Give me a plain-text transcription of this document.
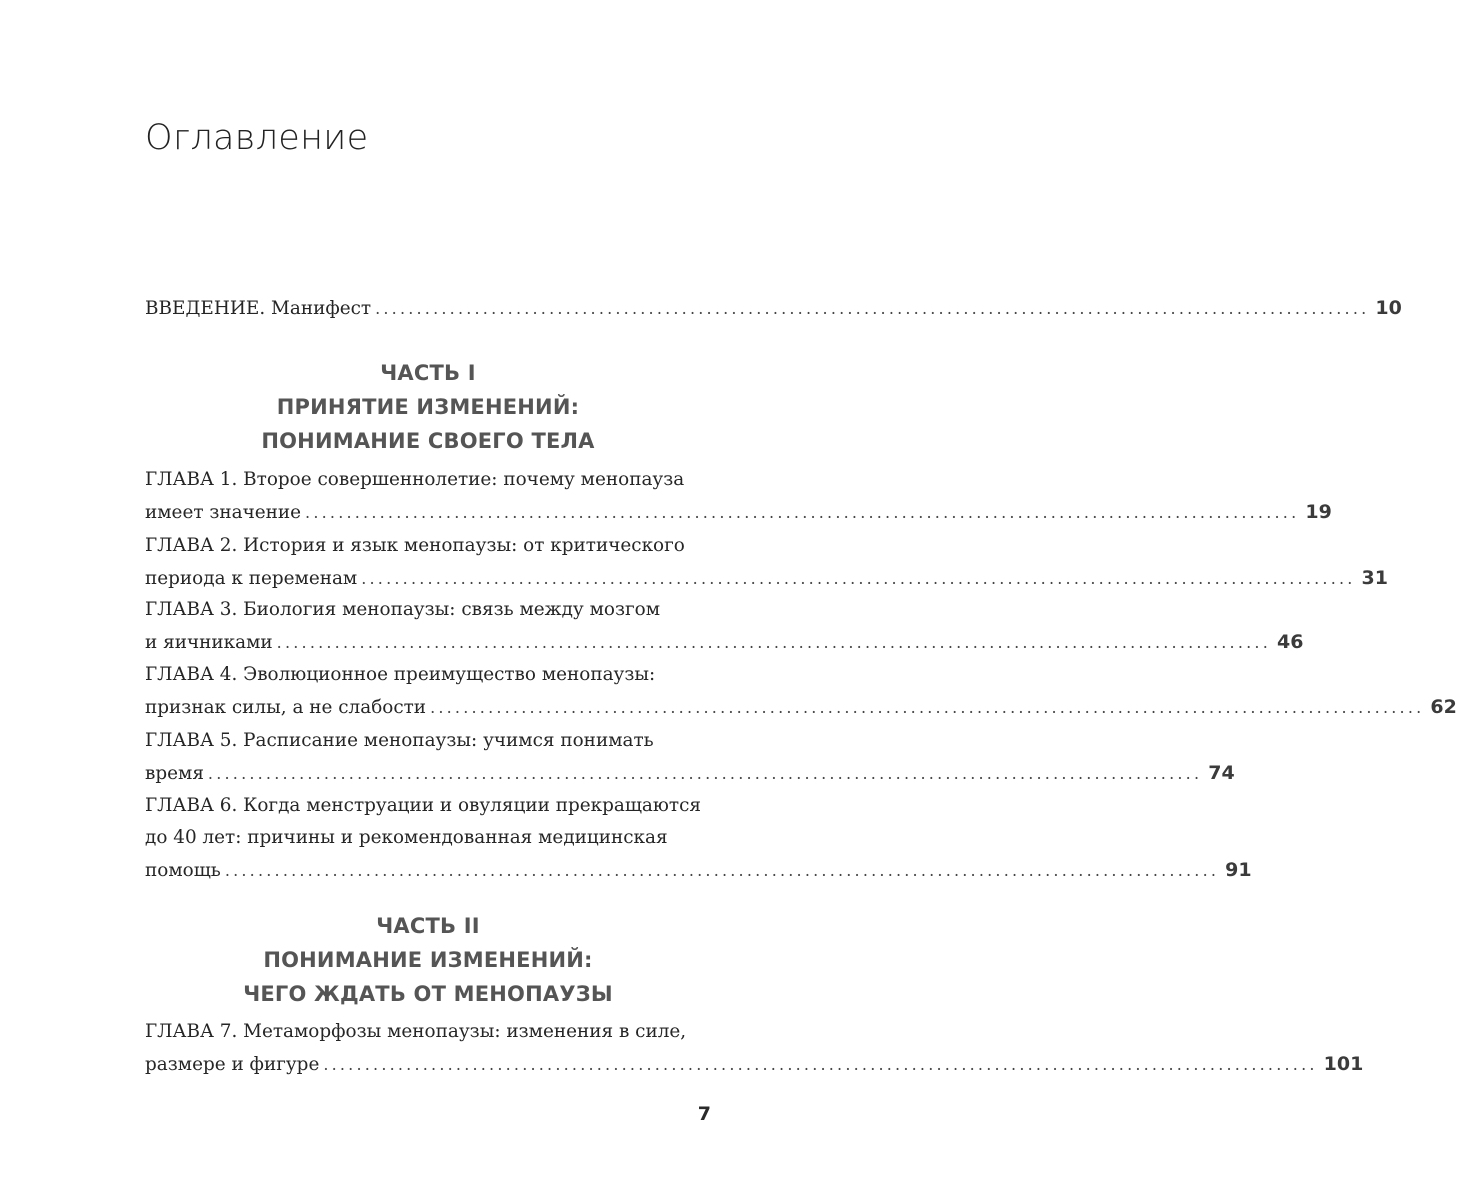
Оглавление
ВВЕДЕНИЕ. Манифест ........................................................................................................................ 10
ЧАСТЬ I
ПРИНЯТИЕ ИЗМЕНЕНИЙ:
ПОНИМАНИЕ СВОЕГО ТЕЛА
ГЛАВА 1. Второе совершеннолетие: почему менопауза
имеет значение ........................................................................................................................ 19
ГЛАВА 2. История и язык менопаузы: от критического
периода к переменам ........................................................................................................................ 31
ГЛАВА 3. Биология менопаузы: связь между мозгом
и яичниками ........................................................................................................................ 46
ГЛАВА 4. Эволюционное преимущество менопаузы:
признак силы, а не слабости ........................................................................................................................ 62
ГЛАВА 5. Расписание менопаузы: учимся понимать
время ........................................................................................................................ 74
ГЛАВА 6. Когда менструации и овуляции прекращаются
до 40 лет: причины и рекомендованная медицинская
помощь ........................................................................................................................ 91
ЧАСТЬ II
ПОНИМАНИЕ ИЗМЕНЕНИЙ:
ЧЕГО ЖДАТЬ ОТ МЕНОПАУЗЫ
ГЛАВА 7. Метаморфозы менопаузы: изменения в силе,
размере и фигуре ........................................................................................................................ 101
7
